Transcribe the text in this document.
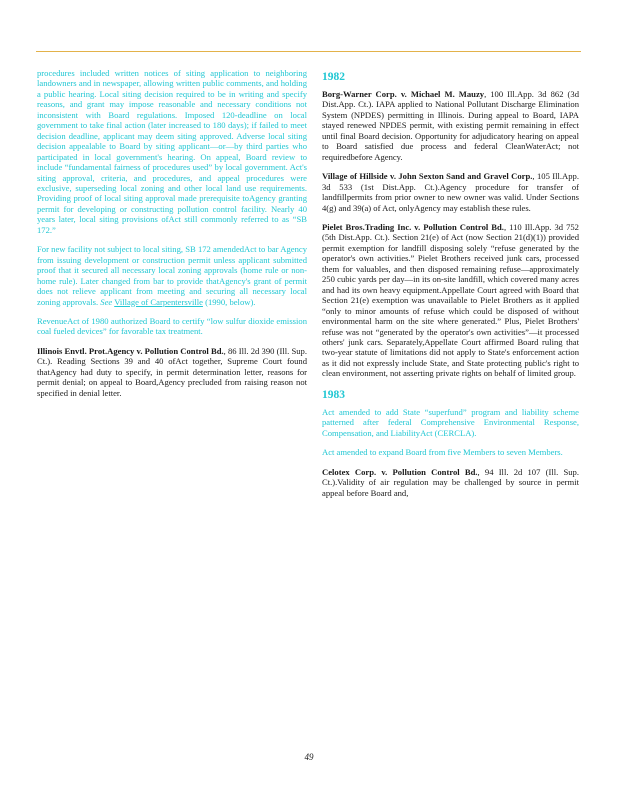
procedures included written notices of siting application to neighboring landowners and in newspaper, allowing written public comments, and holding a public hearing. Local siting decision required to be in writing and specify reasons, and grant may impose reasonable and necessary conditions not inconsistent with Board regulations. Imposed 120-deadline on local government to take final action (later increased to 180 days); if failed to meet decision deadline, applicant may deem siting approved. Adverse local siting decision appealable to Board by siting applicant—or—by third parties who participated in local government's hearing. On appeal, Board review to include “fundamental fairness of procedures used” by local government. Act's siting approval, criteria, and procedures, and appeal procedures were exclusive, superseding local zoning and other local land use requirements. Providing proof of local siting approval made prerequisite toAgency granting permit for developing or constructing pollution control facility. Nearly 40 years later, local siting provisions ofAct still commonly referred to as “SB 172.”

For new facility not subject to local siting, SB 172 amendedAct to bar Agency from issuing development or construction permit unless applicant submitted proof that it secured all necessary local zoning approvals (home rule or non-home rule). Later changed from bar to provide thatAgency's grant of permit does not relieve applicant from meeting and securing all necessary local zoning approvals. See Village of Carpentersville (1990, below).

RevenueAct of 1980 authorized Board to certify “low sulfur dioxide emission coal fueled devices” for favorable tax treatment.

Illinois Envtl. Prot.Agency v. Pollution Control Bd., 86 Ill. 2d 390 (Ill. Sup. Ct.). Reading Sections 39 and 40 ofAct together, Supreme Court found thatAgency had duty to specify, in permit determination letter, reasons for permit denial; on appeal to Board,Agency precluded from raising reason not specified in denial letter.

1982

Borg-Warner Corp. v. Michael M. Mauzy, 100 Ill.App. 3d 862 (3d Dist.App. Ct.). IAPA applied to National Pollutant Discharge Elimination System (NPDES) permitting in Illinois. During appeal to Board, IAPA stayed renewed NPDES permit, with existing permit remaining in effect until final Board decision. Opportunity for adjudicatory hearing on appeal to Board satisfied due process and federal CleanWaterAct; not requiredbefore Agency.

Village of Hillside v. John Sexton Sand and Gravel Corp., 105 Ill.App. 3d 533 (1st Dist.App. Ct.).Agency procedure for transfer of landfillpermits from prior owner to new owner was valid. Under Sections 4(g) and 39(a) of Act, onlyAgency may establish these rules.

Pielet Bros.Trading Inc. v. Pollution Control Bd., 110 Ill.App. 3d 752 (5th Dist.App. Ct.). Section 21(e) of Act (now Section 21(d)(1)) provided permit exemption for landfill disposing solely “refuse generated by the operator's own activities.” Pielet Brothers received junk cars, processed them for valuables, and then disposed remaining refuse—approximately 250 cubic yards per day—in its on-site landfill, which covered many acres and had its own heavy equipment.Appellate Court agreed with Board that Section 21(e) exemption was unavailable to Pielet Brothers as it applied “only to minor amounts of refuse which could be disposed of without environmental harm on the site where generated.” Plus, Pielet Brothers' refuse was not “generated by the operator's own activities”—it processed others' junk cars. Separately,Appellate Court affirmed Board ruling that two-year statute of limitations did not apply to State's enforcement action as it did not expressly include State, and State protecting public's right to clean environment, not asserting private rights on behalf of limited group.

1983

Act amended to add State “superfund” program and liability scheme patterned after federal Comprehensive Environmental Response, Compensation, and LiabilityAct (CERCLA).

Act amended to expand Board from five Members to seven Members.

Celotex Corp. v. Pollution Control Bd., 94 Ill. 2d 107 (Ill. Sup. Ct.).Validity of air regulation may be challenged by source in permit appeal before Board and,

49
